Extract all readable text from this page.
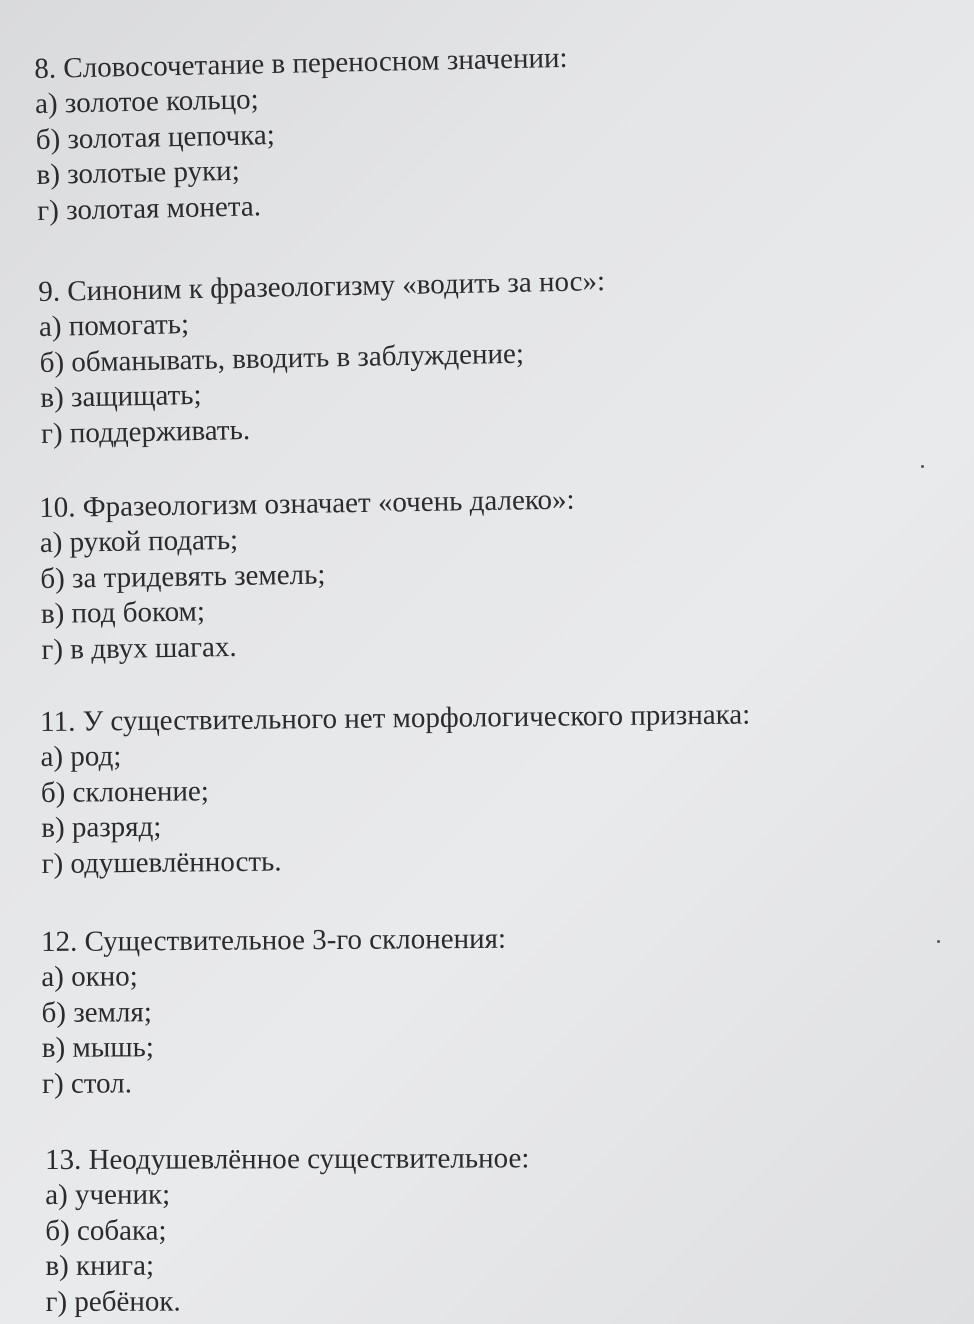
8. Словосочетание в переносном значении:

а) золотое кольцо;
б) золотая цепочка;
в) золотые руки;
г) золотая монета.

9. Синоним к фразеологизму «водить за нос»:

а) помогать;
б) обманывать, вводить в заблуждение;
в) защищать;
г) поддерживать.

10. Фразеологизм означает «очень далеко»:

а) рукой подать;
б) за тридевять земель;
в) под боком;
г) в двух шагах.

11. У существительного нет морфологического признака:

а) род;
б) склонение;
в) разряд;
г) одушевлённость.

12. Существительное 3-го склонения:

а) окно;
б) земля;
в) мышь;
г) стол.

13. Неодушевлённое существительное:

а) ученик;
б) собака;
в) книга;
г) ребёнок.
